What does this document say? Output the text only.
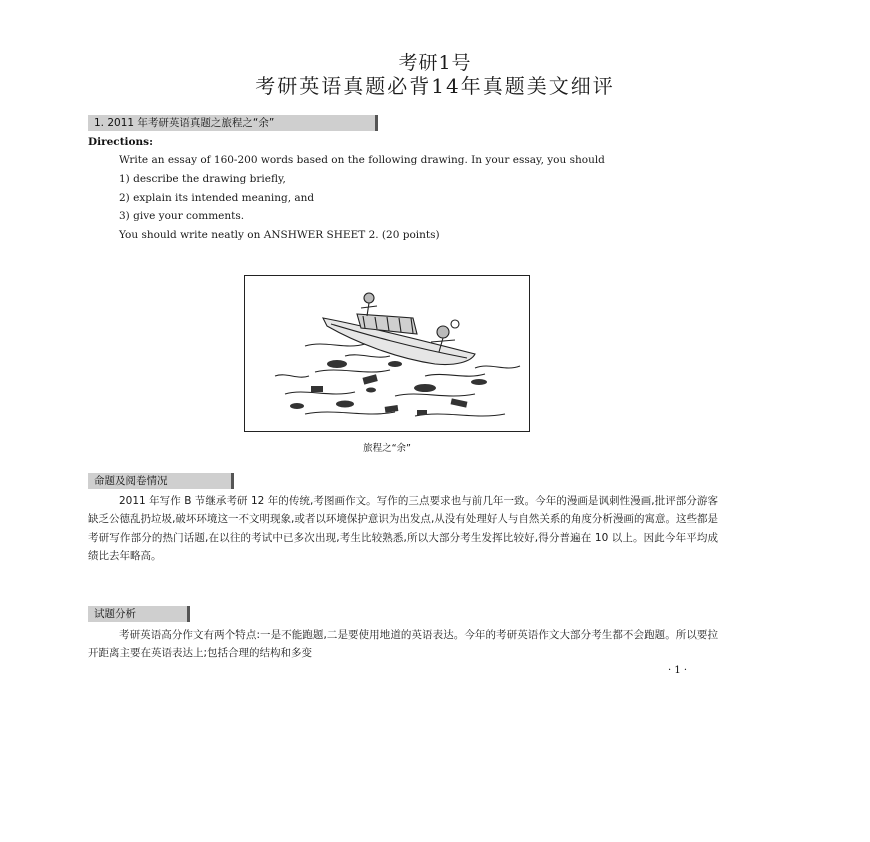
考研1号
考研英语真题必背14年真题美文细评
1. 2011 年考研英语真题之旅程之“余”
Directions:
Write an essay of 160-200 words based on the following drawing. In your essay, you should
1) describe the drawing briefly,
2) explain its intended meaning, and
3) give your comments.
You should write neatly on ANSHWER SHEET 2. (20 points)
旅程之“余”
命题及阅卷情况
2011 年写作 B 节继承考研 12 年的传统,考图画作文。写作的三点要求也与前几年一致。今年的漫画是讽刺性漫画,批评部分游客缺乏公德乱扔垃圾,破坏环境这一不文明现象,或者以环境保护意识为出发点,从没有处理好人与自然关系的角度分析漫画的寓意。这些都是考研写作部分的热门话题,在以往的考试中已多次出现,考生比较熟悉,所以大部分考生发挥比较好,得分普遍在 10 以上。因此今年平均成绩比去年略高。
试题分析
考研英语高分作文有两个特点:一是不能跑题,二是要使用地道的英语表达。今年的考研英语作文大部分考生都不会跑题。所以要拉开距离主要在英语表达上;包括合理的结构和多变
· 1 ·
